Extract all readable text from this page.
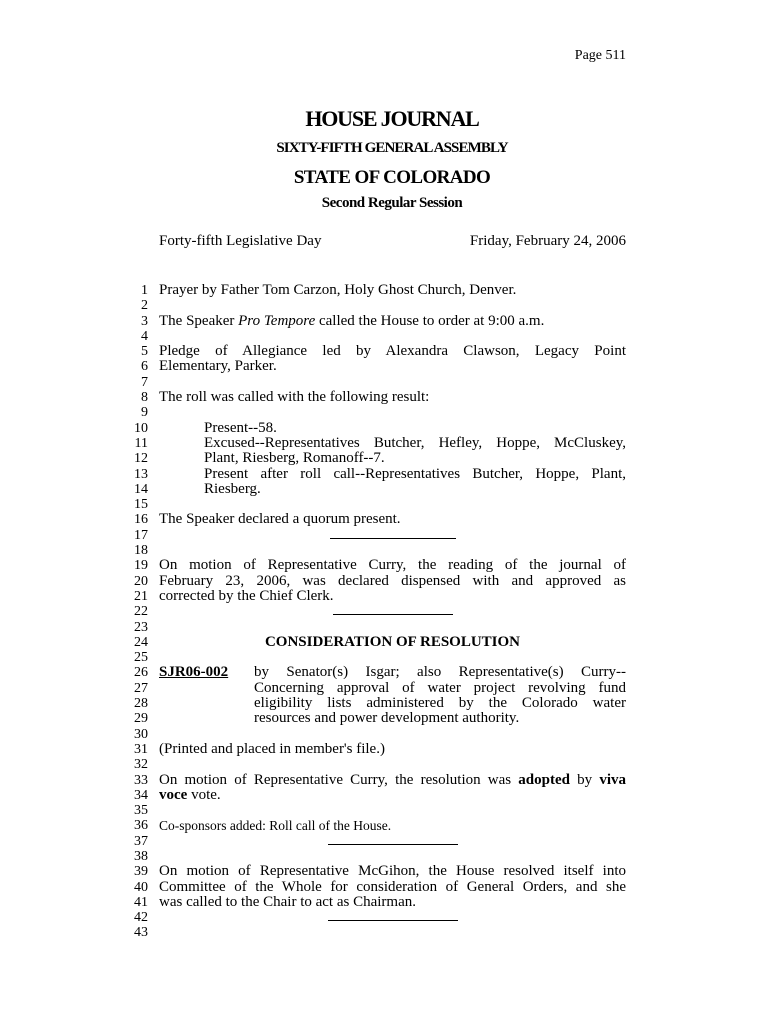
Page 511
HOUSE JOURNAL
SIXTY-FIFTH GENERAL ASSEMBLY
STATE OF COLORADO
Second Regular Session
Forty-fifth Legislative Day	Friday, February 24, 2006
1
2
3
4
5
6
7
8
9
10
11
12
13
14
15
16
17
18
19
20
21
22
23
24
25
26
27
28
29
30
31
32
33
34
35
36
37
38
39
40
41
42
43
Prayer by Father Tom Carzon, Holy Ghost Church, Denver.
The Speaker Pro Tempore called the House to order at 9:00 a.m.
Pledge of Allegiance led by Alexandra Clawson, Legacy Point
Elementary, Parker.
The roll was called with the following result:
Present--58.
Excused--Representatives Butcher, Hefley, Hoppe, McCluskey,
Plant, Riesberg, Romanoff--7.
Present after roll call--Representatives Butcher, Hoppe, Plant,
Riesberg.
The Speaker declared a quorum present.
On motion of Representative Curry, the reading of the journal of
February 23, 2006, was declared dispensed with and approved as
corrected by the Chief Clerk.
CONSIDERATION OF RESOLUTION
SJR06-002	by Senator(s) Isgar; also Representative(s) Curry--
Concerning approval of water project revolving fund
eligibility lists administered by the Colorado water
resources and power development authority.
(Printed and placed in member's file.)
On motion of Representative Curry, the resolution was adopted by viva
voce vote.
Co-sponsors added: Roll call of the House.
On motion of Representative McGihon, the House resolved itself into
Committee of the Whole for consideration of General Orders, and she
was called to the Chair to act as Chairman.
